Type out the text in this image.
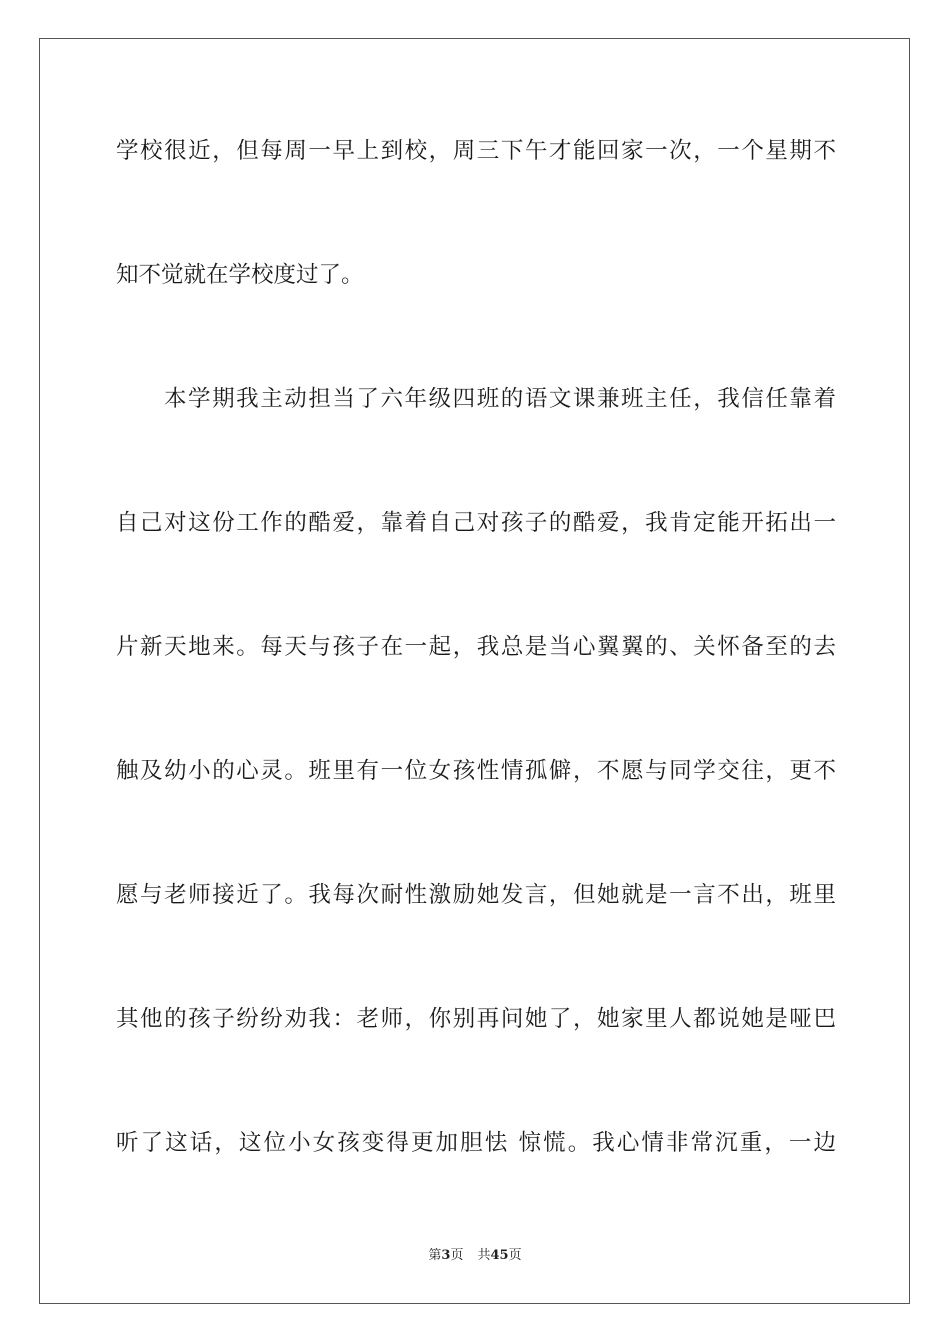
学校很近，但每周一早上到校，周三下午才能回家一次，一个星期不
知不觉就在学校度过了。
本学期我主动担当了六年级四班的语文课兼班主任，我信任靠着
自己对这份工作的酷爱，靠着自己对孩子的酷爱，我肯定能开拓出一
片新天地来。每天与孩子在一起，我总是当心翼翼的、关怀备至的去
触及幼小的心灵。班里有一位女孩性情孤僻，不愿与同学交往，更不
愿与老师接近了。我每次耐性激励她发言，但她就是一言不出，班里
其他的孩子纷纷劝我：老师，你别再问她了，她家里人都说她是哑巴
听了这话，这位小女孩变得更加胆怯 惊慌。我心情非常沉重，一边
第3页 共45页
